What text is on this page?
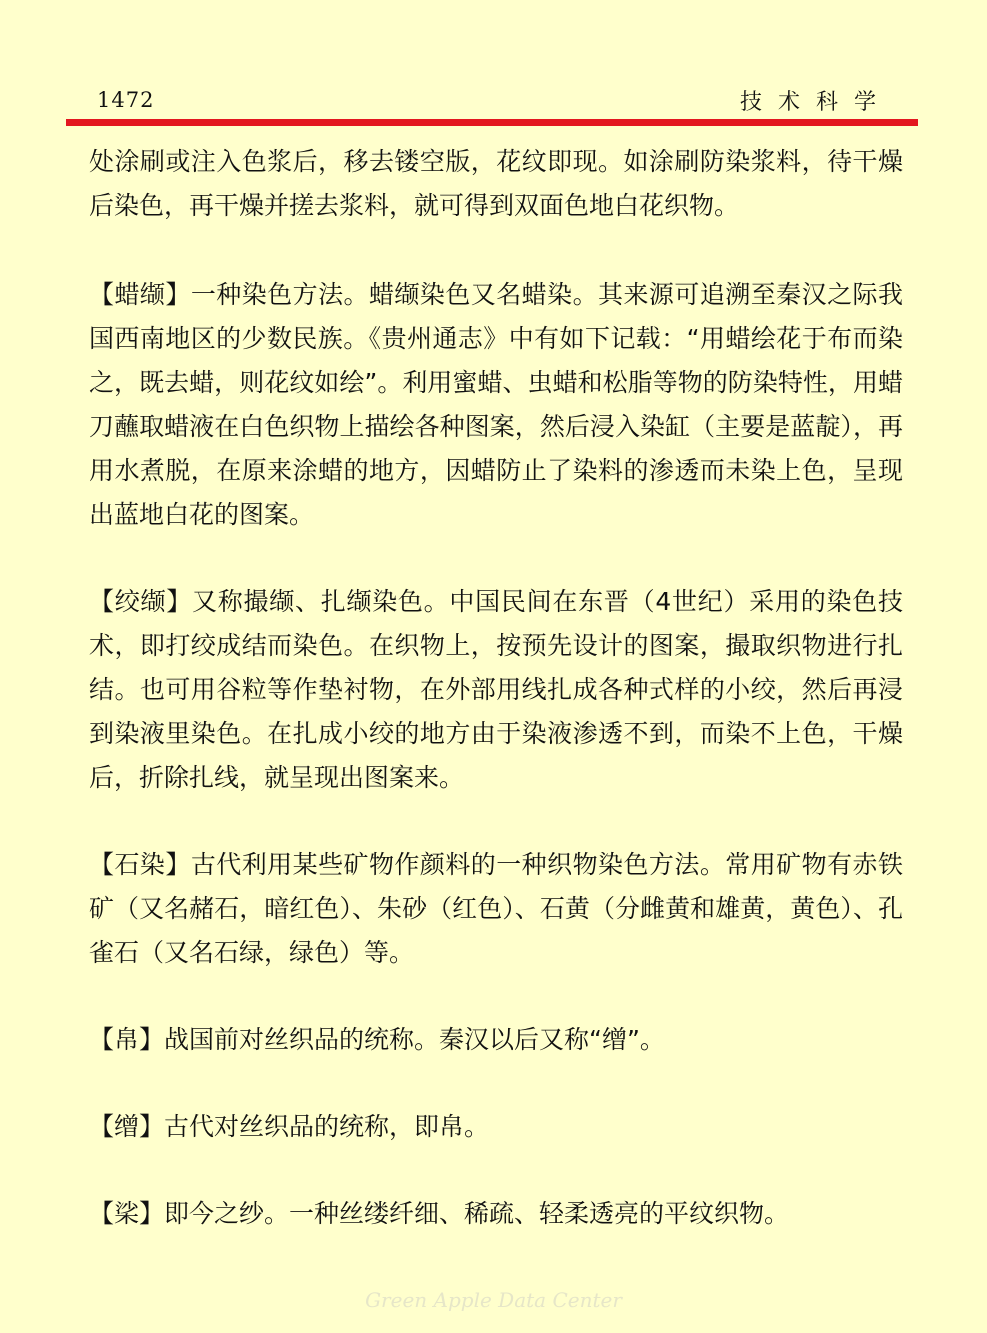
1472	技术科学

处涂刷或注入色浆后，移去镂空版，花纹即现。如涂刷防染浆料，待干燥后染色，再干燥并搓去浆料，就可得到双面色地白花织物。

【蜡缬】一种染色方法。蜡缬染色又名蜡染。其来源可追溯至秦汉之际我国西南地区的少数民族。《贵州通志》中有如下记载：“用蜡绘花于布而染之，既去蜡，则花纹如绘”。利用蜜蜡、虫蜡和松脂等物的防染特性，用蜡刀蘸取蜡液在白色织物上描绘各种图案，然后浸入染缸（主要是蓝靛），再用水煮脱，在原来涂蜡的地方，因蜡防止了染料的渗透而未染上色，呈现出蓝地白花的图案。

【绞缬】又称撮缬、扎缬染色。中国民间在东晋（4世纪）采用的染色技术，即打绞成结而染色。在织物上，按预先设计的图案，撮取织物进行扎结。也可用谷粒等作垫衬物，在外部用线扎成各种式样的小绞，然后再浸到染液里染色。在扎成小绞的地方由于染液渗透不到，而染不上色，干燥后，折除扎线，就呈现出图案来。

【石染】古代利用某些矿物作颜料的一种织物染色方法。常用矿物有赤铁矿（又名赭石，暗红色）、朱砂（红色）、石黄（分雌黄和雄黄，黄色）、孔雀石（又名石绿，绿色）等。

【帛】战国前对丝织品的统称。秦汉以后又称“缯”。

【缯】古代对丝织品的统称，即帛。

【桬】即今之纱。一种丝缕纤细、稀疏、轻柔透亮的平纹织物。

Green Apple Data Center
